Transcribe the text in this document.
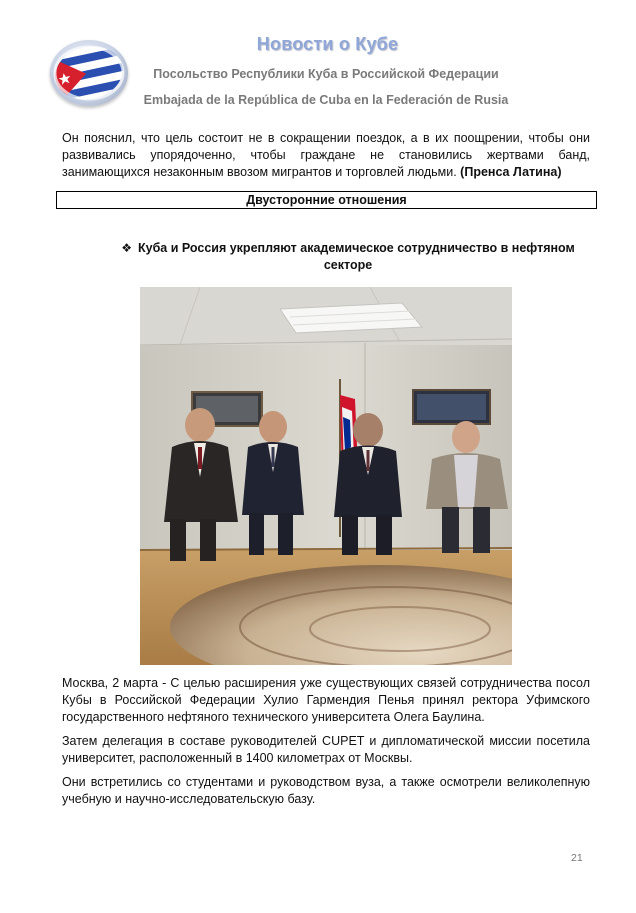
Новости о Кубе
Посольство Республики Куба в Российской Федерации
Embajada de la República de Cuba en la Federación de Rusia
Он пояснил, что цель состоит не в сокращении поездок, а в их поощрении, чтобы они развивались упорядоченно, чтобы граждане не становились жертвами банд, занимающихся незаконным ввозом мигрантов и торговлей людьми. (Пренса Латина)
Двусторонние отношения
❖ Куба и Россия укрепляют академическое сотрудничество в нефтяном секторе
Москва, 2 марта - С целью расширения уже существующих связей сотрудничества посол Кубы в Российской Федерации Хулио Гармендия Пенья принял ректора Уфимского государственного нефтяного технического университета Олега Баулина.
Затем делегация в составе руководителей CUPET и дипломатической миссии посетила университет, расположенный в 1400 километрах от Москвы.
Они встретились со студентами и руководством вуза, а также осмотрели великолепную учебную и научно-исследовательскую базу.
21
